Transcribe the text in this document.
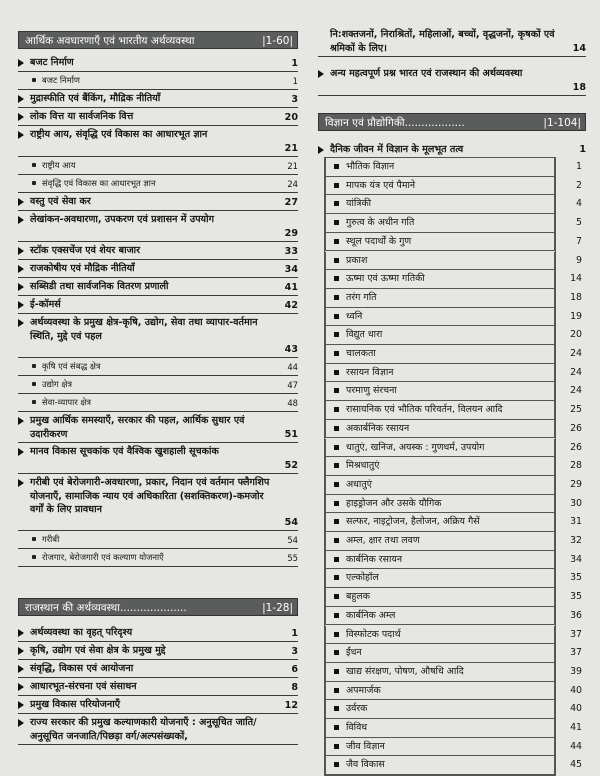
आर्थिक अवधारणाएँ एवं भारतीय अर्थव्यवस्था	|1-60|
बजट निर्माण	1
बजट निर्माण	1
मुद्रास्फीति एवं बैंकिंग, मौद्रिक नीतियाँ	3
लोक वित्त या सार्वजनिक वित्त	20
राष्ट्रीय आय, संवृद्धि एवं विकास का आधारभूत ज्ञान
21
राष्ट्रीय आय	21
संवृद्धि एवं विकास का आधारभूत ज्ञान	24
वस्तु एवं सेवा कर	27
लेखांकन-अवधारणा, उपकरण एवं प्रशासन में उपयोग
29
स्टॉक एक्सचेंज एवं शेयर बाजार	33
राजकोषीय एवं मौद्रिक नीतियाँ	34
सब्सिडी तथा सार्वजनिक वितरण प्रणाली	41
ई-कॉमर्स	42
अर्थव्यवस्था के प्रमुख क्षेत्र-कृषि, उद्योग, सेवा तथा व्यापार-वर्तमान स्थिति, मुद्दे एवं पहल
43
कृषि एवं संबद्ध क्षेत्र	44
उद्योग क्षेत्र	47
सेवा-व्यापार क्षेत्र	48
प्रमुख आर्थिक समस्याएँ, सरकार की पहल, आर्थिक सुधार एवं उदारीकरण	51
मानव विकास सूचकांक एवं वैश्विक खुशहाली सूचकांक
52
गरीबी एवं बेरोजगारी-अवधारणा, प्रकार, निदान एवं वर्तमान फ्लैगशिप योजनाएँ, सामाजिक न्याय एवं अधिकारिता (सशक्तिकरण)-कमजोर वर्गों के लिए प्रावधान
54
गरीबी	54
रोजगार, बेरोजगारी एवं कल्याण योजनाएँ	55
राजस्थान की अर्थव्यवस्था....................	|1-28|
अर्थव्यवस्था का वृहत् परिदृश्य	1
कृषि, उद्योग एवं सेवा क्षेत्र के प्रमुख मुद्दे	3
संवृद्धि, विकास एवं आयोजना	6
आधारभूत-संरचना एवं संसाधन	8
प्रमुख विकास परियोजनाएँ	12
राज्य सरकार की प्रमुख कल्याणकारी योजनाएँ : अनुसूचित जाति/अनुसूचित जनजाति/पिछड़ा वर्ग/अल्पसंख्यकों,
नि:शक्तजनों, निराश्रितों, महिलाओं, बच्चों, वृद्धजनों, कृषकों एवं श्रमिकों के लिए।	14
अन्य महत्वपूर्ण प्रश्न भारत एवं राजस्थान की अर्थव्यवस्था
18
विज्ञान एवं प्रौद्योगिकी..................	|1-104|
दैनिक जीवन में विज्ञान के मूलभूत तत्व	1
भौतिक विज्ञान	1
मापक यंत्र एवं पैमाने	2
यांत्रिकी	4
गुरुत्व के अधीन गति	5
स्थूल पदार्थों के गुण	7
प्रकाश	9
ऊष्मा एवं ऊष्मा गतिकी	14
तरंग गति	18
ध्वनि	19
विद्युत धारा	20
चालकता	24
रसायन विज्ञान	24
परमाणु संरचना	24
रासायनिक एवं भौतिक परिवर्तन, विलयन आदि	25
अकार्बनिक रसायन	26
धातुएं, खनिज, अयस्क : गुणधर्म, उपयोग	26
मिश्रधातुएं	28
अधातुएं	29
हाइड्रोजन और उसके यौगिक	30
सल्फर, नाइट्रोजन, हैलोजन, अक्रिय गैसें	31
अम्ल, क्षार तथा लवण	32
कार्बनिक रसायन	34
एल्कोहॉल	35
बहुलक	35
कार्बनिक अम्ल	36
विस्फोटक पदार्थ	37
ईंधन	37
खाद्य संरक्षण, पोषण, औषधि आदि	39
अपमार्जक	40
उर्वरक	40
विविध	41
जीव विज्ञान	44
जैव विकास	45
